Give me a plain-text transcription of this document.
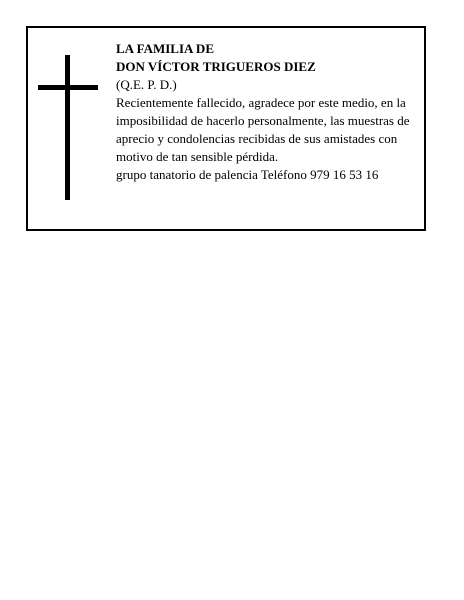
LA FAMILIA DE
DON VÍCTOR TRIGUEROS DIEZ
(Q.E. P. D.)
Recientemente fallecido, agradece por este medio, en la imposibilidad de hacerlo personalmente, las muestras de aprecio y condolencias recibidas de sus amistades con motivo de tan sensible pérdida.
grupo tanatorio de palencia Teléfono 979 16 53 16
